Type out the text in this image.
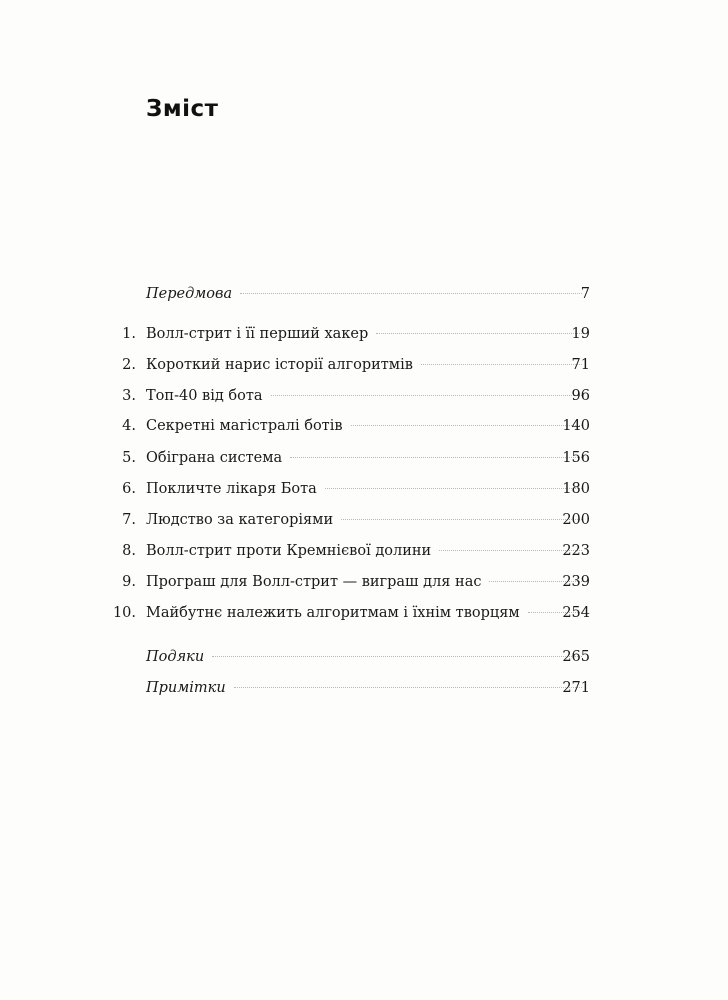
Зміст
Передмова	7
1. Волл-стрит і її перший хакер	19
2. Короткий нарис історії алгоритмів	71
3. Топ-40 від бота	96
4. Секретні магістралі ботів	140
5. Обіграна система	156
6. Покличте лікаря Бота	180
7. Людство за категоріями	200
8. Волл-стрит проти Кремнієвої долини	223
9. Програш для Волл-стрит — виграш для нас	239
10. Майбутнє належить алгоритмам і їхнім творцям	254
Подяки	265
Примітки	271
